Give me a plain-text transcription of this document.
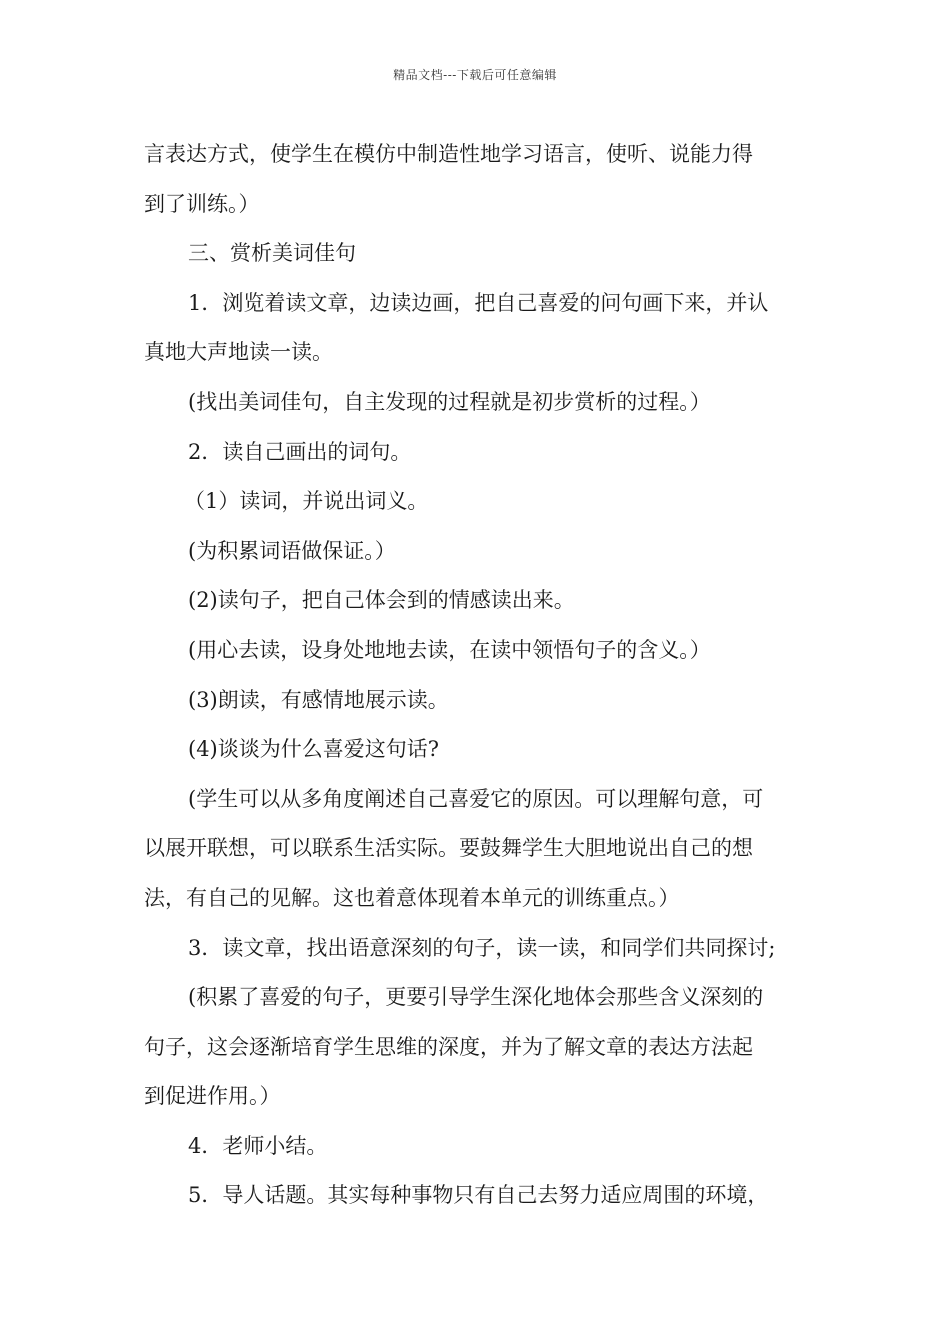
精品文档---下载后可任意编辑
言表达方式，使学生在模仿中制造性地学习语言，使听、说能力得
到了训练。）
三、赏析美词佳句
1．浏览着读文章，边读边画，把自己喜爱的问句画下来，并认
真地大声地读一读。
(找出美词佳句，自主发现的过程就是初步赏析的过程。）
2．读自己画出的词句。
（1）读词，并说出词义。
(为积累词语做保证。）
(2)读句子，把自己体会到的情感读出来。
(用心去读，设身处地地去读，在读中领悟句子的含义。）
(3)朗读，有感情地展示读。
(4)谈谈为什么喜爱这句话?
(学生可以从多角度阐述自己喜爱它的原因。可以理解句意，可
以展开联想，可以联系生活实际。要鼓舞学生大胆地说出自己的想
法，有自己的见解。这也着意体现着本单元的训练重点。）
3．读文章，找出语意深刻的句子，读一读，和同学们共同探讨;
(积累了喜爱的句子，更要引导学生深化地体会那些含义深刻的
句子，这会逐渐培育学生思维的深度，并为了解文章的表达方法起
到促进作用。）
4．老师小结。
5．导人话题。其实每种事物只有自己去努力适应周围的环境，
